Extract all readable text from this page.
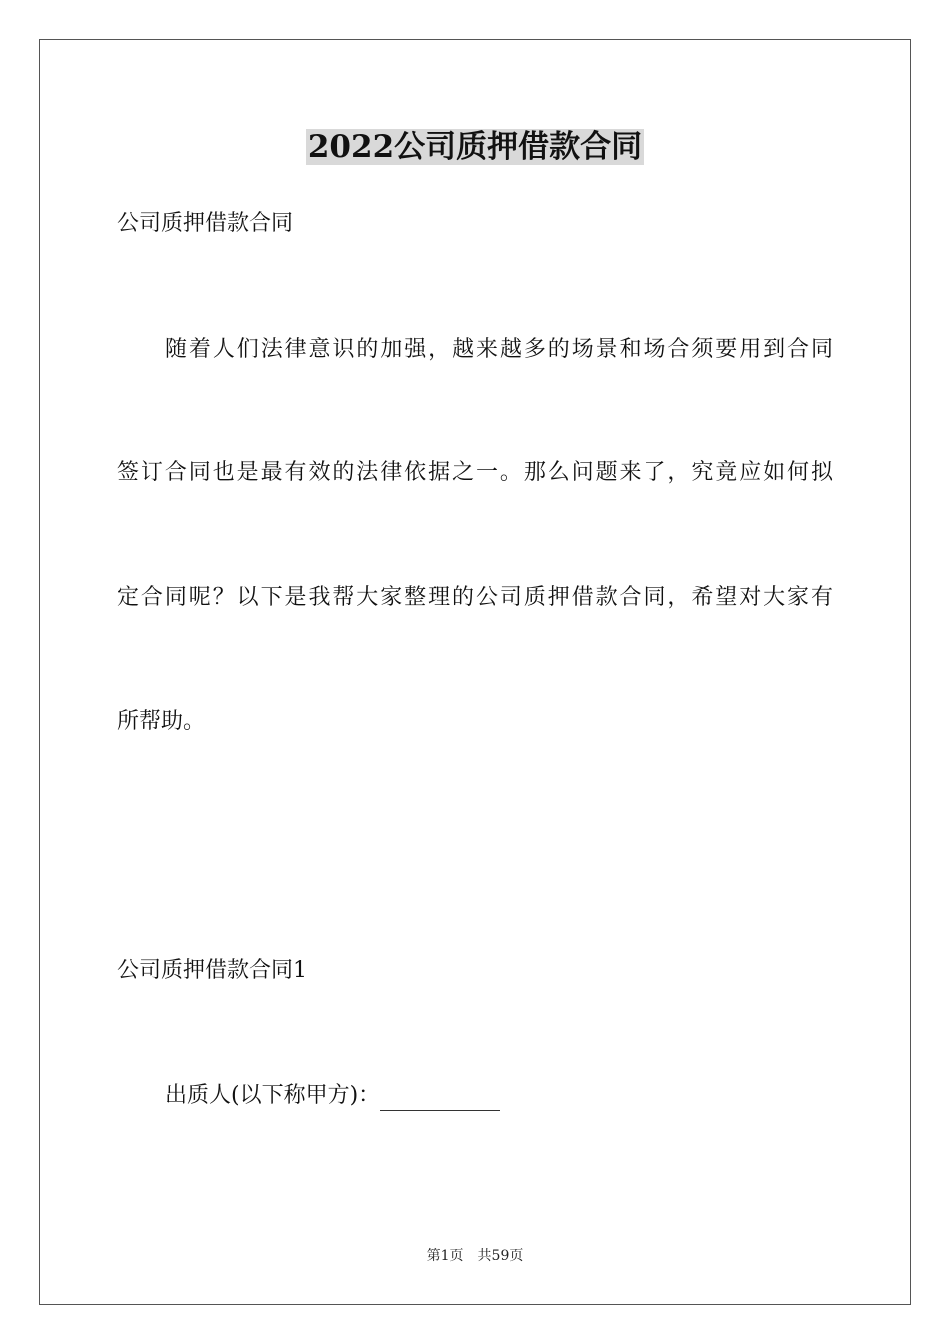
2022公司质押借款合同
公司质押借款合同
随着人们法律意识的加强，越来越多的场景和场合须要用到合同
签订合同也是最有效的法律依据之一。那么问题来了，究竟应如何拟
定合同呢？以下是我帮大家整理的公司质押借款合同，希望对大家有
所帮助。
公司质押借款合同1
出质人(以下称甲方)：
第1页 共59页
